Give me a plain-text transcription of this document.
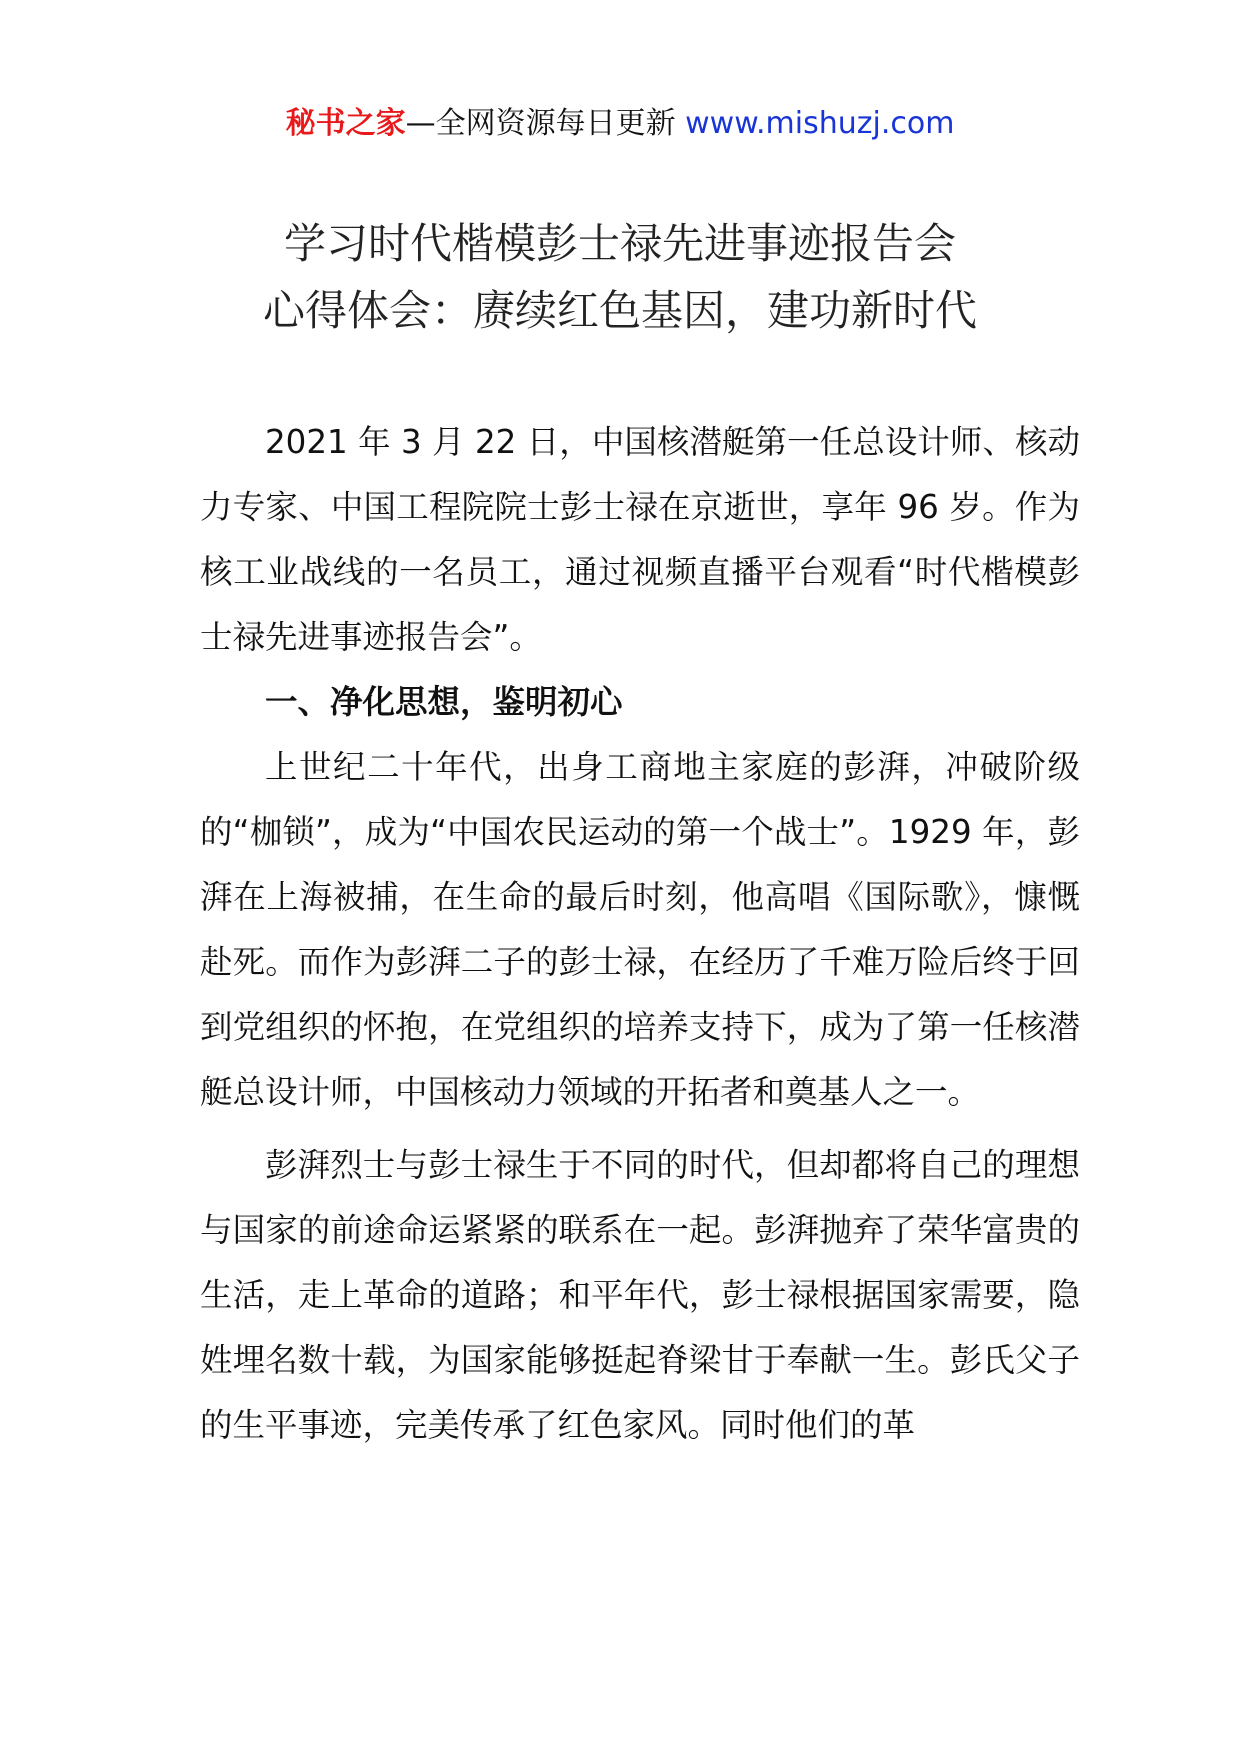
秘书之家—全网资源每日更新 www.mishuzj.com
学习时代楷模彭士禄先进事迹报告会
心得体会：赓续红色基因，建功新时代

2021 年 3 月 22 日，中国核潜艇第一任总设计师、核动力专家、中国工程院院士彭士禄在京逝世，享年 96 岁。作为核工业战线的一名员工，通过视频直播平台观看“时代楷模彭士禄先进事迹报告会”。

一、净化思想，鉴明初心

上世纪二十年代，出身工商地主家庭的彭湃，冲破阶级的“枷锁”，成为“中国农民运动的第一个战士”。1929 年，彭湃在上海被捕，在生命的最后时刻，他高唱《国际歌》，慷慨赴死。而作为彭湃二子的彭士禄，在经历了千难万险后终于回到党组织的怀抱，在党组织的培养支持下，成为了第一任核潜艇总设计师，中国核动力领域的开拓者和奠基人之一。

彭湃烈士与彭士禄生于不同的时代，但却都将自己的理想与国家的前途命运紧紧的联系在一起。彭湃抛弃了荣华富贵的生活，走上革命的道路；和平年代，彭士禄根据国家需要，隐姓埋名数十载，为国家能够挺起脊梁甘于奉献一生。彭氏父子的生平事迹，完美传承了红色家风。同时他们的革
